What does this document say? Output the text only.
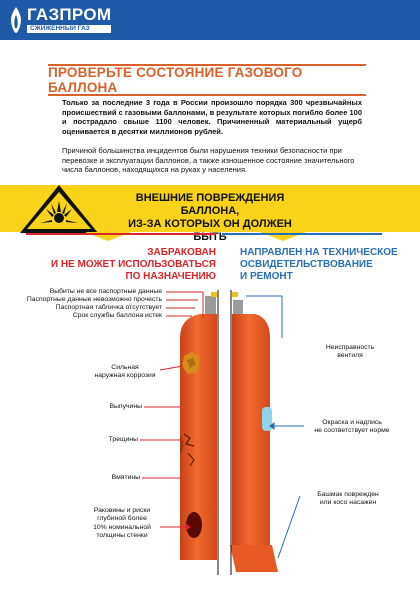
ГАЗПРОМ
СЖИЖЕННЫЙ ГАЗ
ПРОВЕРЬТЕ СОСТОЯНИЕ ГАЗОВОГО БАЛЛОНА

Только за последние 3 года в России произошло порядка 300 чрезвычайных происшествий с газовыми баллонами, в результате которых погибло более 100 и пострадало свыше 1100 человек. Причиненный материальный ущерб оценивается в десятки миллионов рублей.

Причиной большинства инцидентов были нарушения техники безопасности при перевозке и эксплуатации баллонов, а также изношенное состояние значительного числа баллонов, находящихся на руках у населения.

ВНЕШНИЕ ПОВРЕЖДЕНИЯ БАЛЛОНА,
ИЗ-ЗА КОТОРЫХ ОН ДОЛЖЕН БЫТЬ
ЗАБРАКОВАН
И НЕ МОЖЕТ ИСПОЛЬЗОВАТЬСЯ
ПО НАЗНАЧЕНИЮ
НАПРАВЛЕН НА ТЕХНИЧЕСКОЕ
ОСВИДЕТЕЛЬСТВОВАНИЕ
И РЕМОНТ
Выбиты не все паспортные данные
Паспортные данные невозможно прочесть
Паспортная табличка отсутствует
Срок службы баллона истек
Сильная
наружная коррозия
Выпучины
Трещины
Вмятины
Раковины и риски
глубиной более
10% номинальной
толщины стенки
Неисправность
вентиля
Окраска и надпись
не соответствует норме
Башмак поврежден
или косо насажен
